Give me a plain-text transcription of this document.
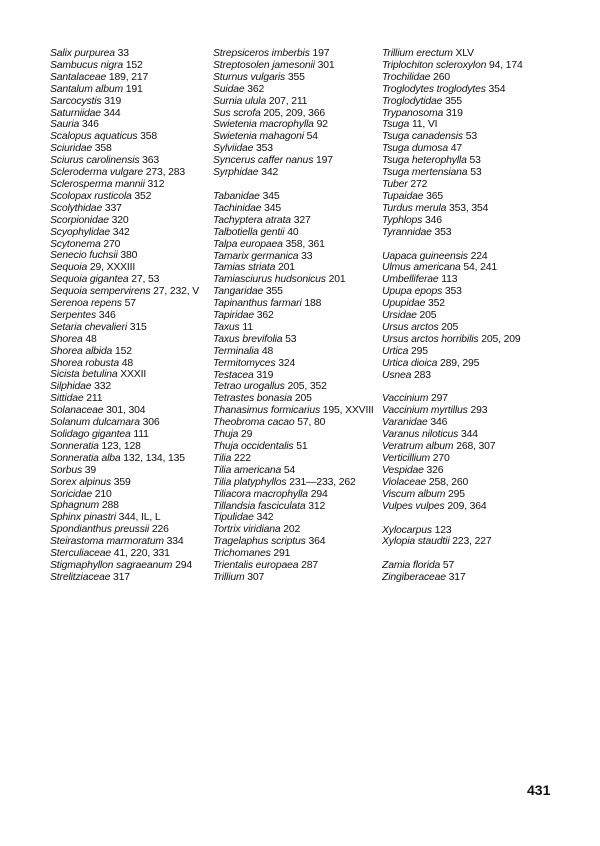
Salix purpurea 33
Sambucus nigra 152
Santalaceae 189, 217
Santalum album 191
Sarcocystis 319
Saturniidae 344
Sauria 346
Scalopus aquaticus 358
Sciuridae 358
Sciurus carolinensis 363
Scleroderma vulgare 273, 283
Sclerosperma mannii 312
Scolopax rusticola 352
Scolythidae 337
Scorpionidae 320
Scyophylidae 342
Scytonema 270
Senecio fuchsii 380
Sequoia 29, XXXIII
Sequoia gigantea 27, 53
Sequoia sempervirens 27, 232, V
Serenoa repens 57
Serpentes 346
Setaria chevalieri 315
Shorea 48
Shorea albida 152
Shorea robusta 48
Sicista betulina XXXII
Silphidae 332
Sittidae 211
Solanaceae 301, 304
Solanum dulcamara 306
Solidago gigantea 111
Sonneratia 123, 128
Sonneratia alba 132, 134, 135
Sorbus 39
Sorex alpinus 359
Soricidae 210
Sphagnum 288
Sphinx pinastri 344, IL, L
Spondianthus preussii 226
Steirastoma marmoratum 334
Sterculiaceae 41, 220, 331
Stigmaphyllon sagraeanum 294
Strelitziaceae 317
Strepsiceros imberbis 197
Streptosolen jamesonii 301
Sturnus vulgaris 355
Suidae 362
Surnia ulula 207, 211
Sus scrofa 205, 209, 366
Swietenia macrophylla 92
Swietenia mahagoni 54
Sylviidae 353
Syncerus caffer nanus 197
Syrphidae 342
Tabanidae 345
Tachinidae 345
Tachyptera atrata 327
Talbotiella gentii 40
Talpa europaea 358, 361
Tamarix germanica 33
Tamias striata 201
Tamiasciurus hudsonicus 201
Tangaridae 355
Tapinanthus farmari 188
Tapiridae 362
Taxus 11
Taxus brevifolia 53
Terminalia 48
Termitomyces 324
Testacea 319
Tetrao urogallus 205, 352
Tetrastes bonasia 205
Thanasimus formicarius 195, XXVIII
Theobroma cacao 57, 80
Thuja 29
Thuja occidentalis 51
Tilia 222
Tilia americana 54
Tilia platyphyllos 231—233, 262
Tiliacora macrophylla 294
Tillandsia fasciculata 312
Tipulidae 342
Tortrix viridiana 202
Tragelaphus scriptus 364
Trichomanes 291
Trientalis europaea 287
Trillium 307
Trillium erectum XLV
Triplochiton scleroxylon 94, 174
Trochilidae 260
Troglodytes troglodytes 354
Troglodytidae 355
Trypanosoma 319
Tsuga 11, VI
Tsuga canadensis 53
Tsuga dumosa 47
Tsuga heterophylla 53
Tsuga mertensiana 53
Tuber 272
Tupaidae 365
Turdus merula 353, 354
Typhlops 346
Tyrannidae 353
Uapaca guineensis 224
Ulmus americana 54, 241
Umbelliferae 113
Upupa epops 353
Upupidae 352
Ursidae 205
Ursus arctos 205
Ursus arctos horribilis 205, 209
Urtica 295
Urtica dioica 289, 295
Usnea 283
Vaccinium 297
Vaccinium myrtillus 293
Varanidae 346
Varanus niloticus 344
Veratrum album 268, 307
Verticillium 270
Vespidae 326
Violaceae 258, 260
Viscum album 295
Vulpes vulpes 209, 364
Xylocarpus 123
Xylopia staudtii 223, 227
Zamia florida 57
Zingiberaceae 317
431
